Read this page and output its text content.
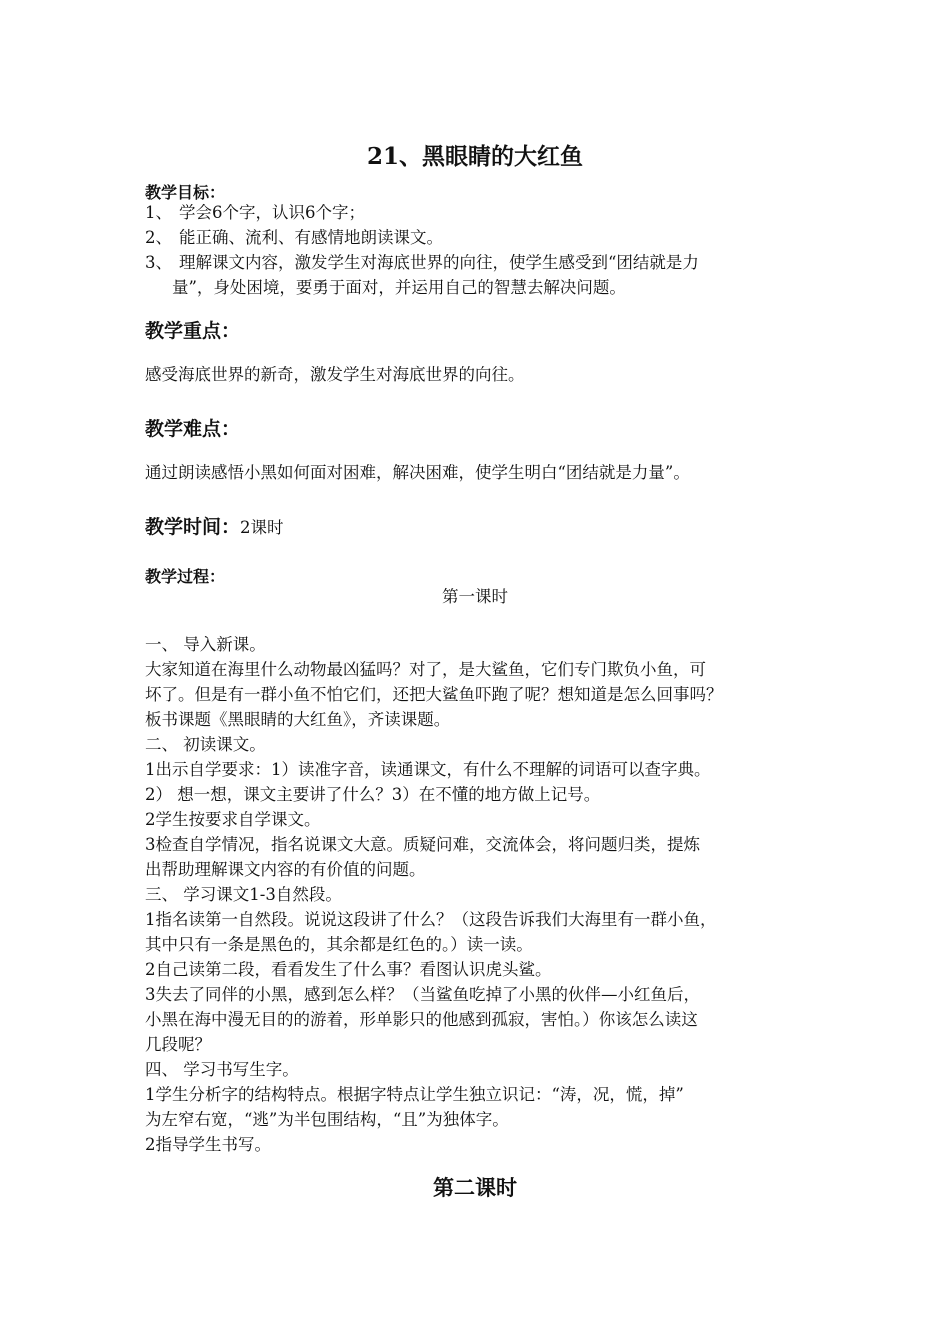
21、黑眼睛的大红鱼
教学目标：
1、 学会6个字，认识6个字；
2、 能正确、流利、有感情地朗读课文。
3、 理解课文内容，激发学生对海底世界的向往，使学生感受到“团结就是力
量”，身处困境，要勇于面对，并运用自己的智慧去解决问题。
教学重点：
感受海底世界的新奇，激发学生对海底世界的向往。
教学难点：
通过朗读感悟小黑如何面对困难，解决困难，使学生明白“团结就是力量”。
教学时间：2课时
教学过程：
第一课时
一、 导入新课。
大家知道在海里什么动物最凶猛吗？对了，是大鲨鱼，它们专门欺负小鱼，可
坏了。但是有一群小鱼不怕它们，还把大鲨鱼吓跑了呢？想知道是怎么回事吗？
板书课题《黑眼睛的大红鱼》，齐读课题。
二、 初读课文。
1出示自学要求：1）读准字音，读通课文，有什么不理解的词语可以查字典。
2） 想一想，课文主要讲了什么？3）在不懂的地方做上记号。
2学生按要求自学课文。
3检查自学情况，指名说课文大意。质疑问难，交流体会，将问题归类，提炼
出帮助理解课文内容的有价值的问题。
三、 学习课文1-3自然段。
1指名读第一自然段。说说这段讲了什么？（这段告诉我们大海里有一群小鱼，
其中只有一条是黑色的，其余都是红色的。）读一读。
2自己读第二段，看看发生了什么事？看图认识虎头鲨。
3失去了同伴的小黑，感到怎么样？（当鲨鱼吃掉了小黑的伙伴—小红鱼后，
小黑在海中漫无目的的游着，形单影只的他感到孤寂，害怕。）你该怎么读这
几段呢？
四、 学习书写生字。
1学生分析字的结构特点。根据字特点让学生独立识记：“涛，况，慌，掉”
为左窄右宽，“逃”为半包围结构，“且”为独体字。
2指导学生书写。
第二课时
